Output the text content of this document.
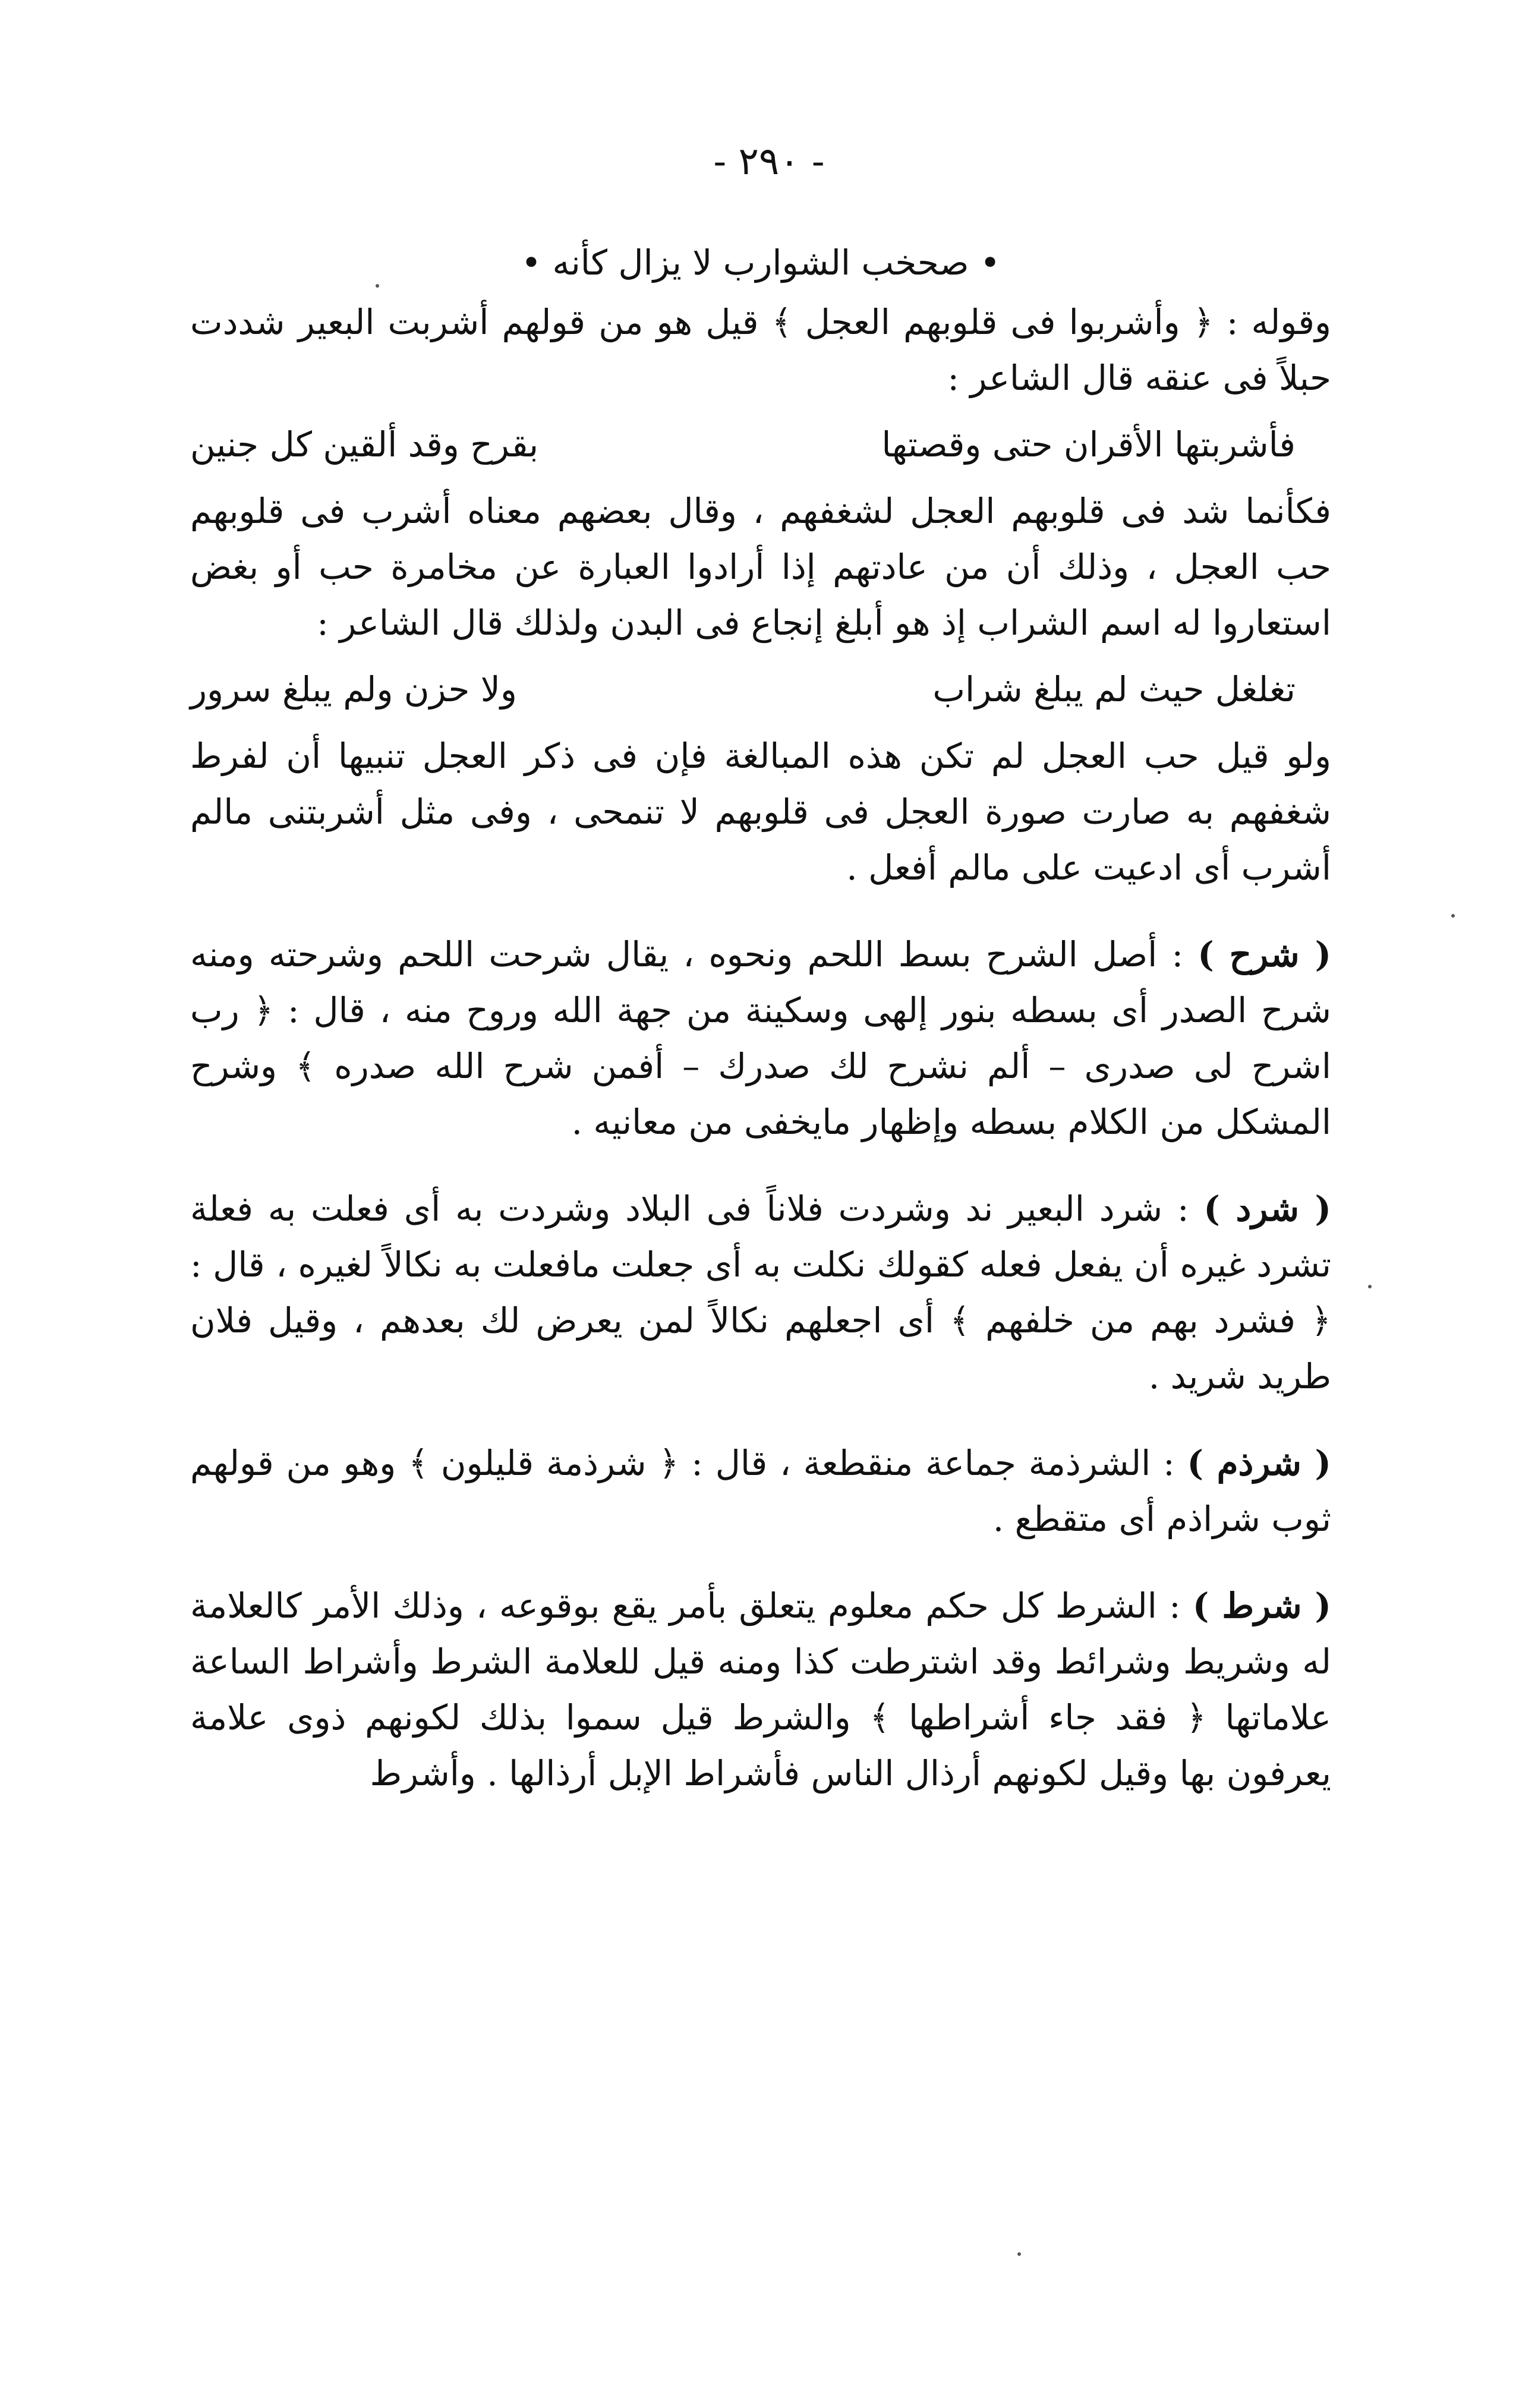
- ٢٩٠ -

• صحخب الشوارب لا يزال كأنه •

وقوله : ﴿ وأشربوا فى قلوبهم العجل ﴾ قيل هو من قولهم أشربت البعير شددت حبلاً فى عنقه قال الشاعر :

فأشربتها الأقران حتى وقصتها
بقرح وقد ألقين كل جنين

فكأنما شد فى قلوبهم العجل لشغفهم ، وقال بعضهم معناه أشرب فى قلوبهم حب العجل ، وذلك أن من عادتهم إذا أرادوا العبارة عن مخامرة حب أو بغض استعاروا له اسم الشراب إذ هو أبلغ إنجاع فى البدن ولذلك قال الشاعر :

تغلغل حيث لم يبلغ شراب
ولا حزن ولم يبلغ سرور

ولو قيل حب العجل لم تكن هذه المبالغة فإن فى ذكر العجل تنبيها أن لفرط شغفهم به صارت صورة العجل فى قلوبهم لا تنمحى ، وفى مثل أشربتنى مالم أشرب أى ادعيت على مالم أفعل .

( شرح ) : أصل الشرح بسط اللحم ونحوه ، يقال شرحت اللحم وشرحته ومنه شرح الصدر أى بسطه بنور إلهى وسكينة من جهة الله وروح منه ، قال : ﴿ رب اشرح لى صدرى – ألم نشرح لك صدرك – أفمن شرح الله صدره ﴾ وشرح المشكل من الكلام بسطه وإظهار مايخفى من معانيه .

( شرد ) : شرد البعير ند وشردت فلاناً فى البلاد وشردت به أى فعلت به فعلة تشرد غيره أن يفعل فعله كقولك نكلت به أى جعلت مافعلت به نكالاً لغيره ، قال : ﴿ فشرد بهم من خلفهم ﴾ أى اجعلهم نكالاً لمن يعرض لك بعدهم ، وقيل فلان طريد شريد .

( شرذم ) : الشرذمة جماعة منقطعة ، قال : ﴿ شرذمة قليلون ﴾ وهو من قولهم ثوب شراذم أى متقطع .

( شرط ) : الشرط كل حكم معلوم يتعلق بأمر يقع بوقوعه ، وذلك الأمر كالعلامة له وشريط وشرائط وقد اشترطت كذا ومنه قيل للعلامة الشرط وأشراط الساعة علاماتها ﴿ فقد جاء أشراطها ﴾ والشرط قيل سموا بذلك لكونهم ذوى علامة يعرفون بها وقيل لكونهم أرذال الناس فأشراط الإبل أرذالها . وأشرط
